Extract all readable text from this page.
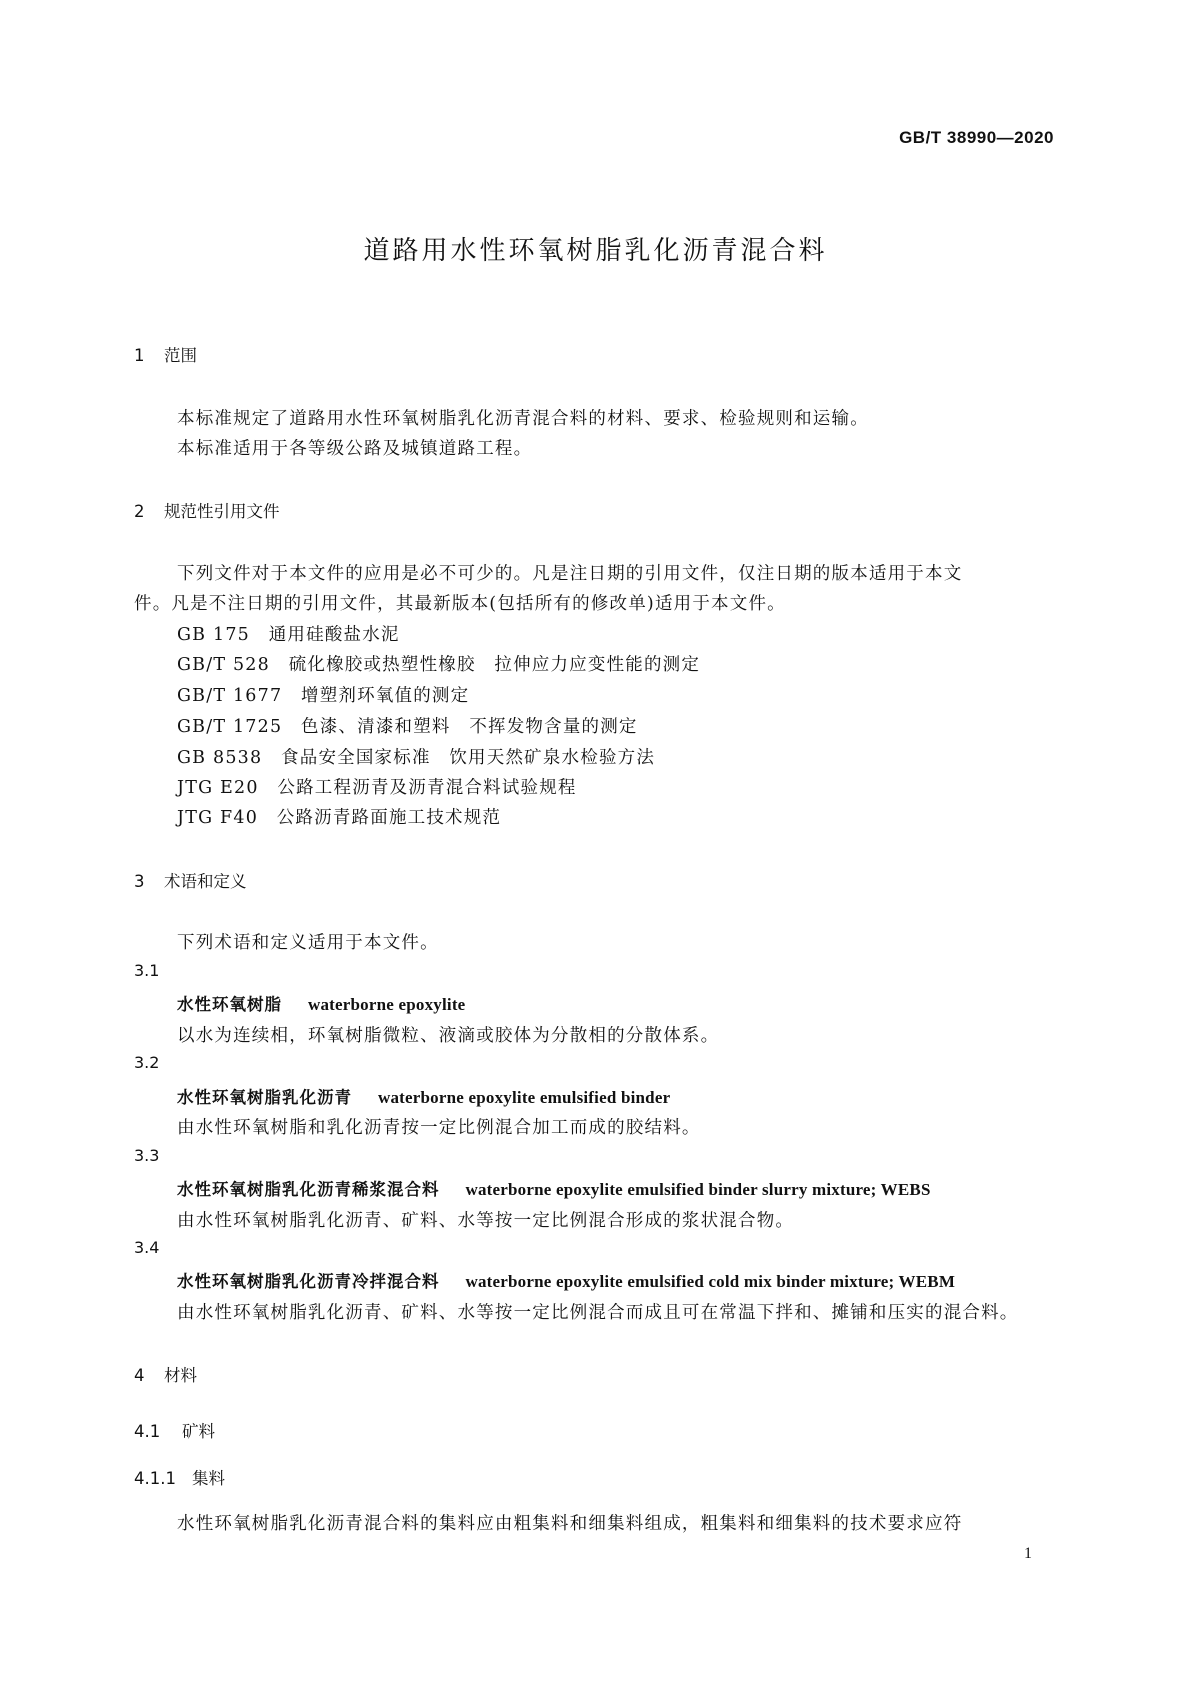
GB/T 38990—2020
道路用水性环氧树脂乳化沥青混合料
1 范围
本标准规定了道路用水性环氧树脂乳化沥青混合料的材料、要求、检验规则和运输。
本标准适用于各等级公路及城镇道路工程。
2 规范性引用文件
下列文件对于本文件的应用是必不可少的。凡是注日期的引用文件，仅注日期的版本适用于本文
件。凡是不注日期的引用文件，其最新版本(包括所有的修改单)适用于本文件。
GB 175　 通用硅酸盐水泥
GB/T 528　 硫化橡胶或热塑性橡胶　拉伸应力应变性能的测定
GB/T 1677　 增塑剂环氧值的测定
GB/T 1725　 色漆、清漆和塑料　不挥发物含量的测定
GB 8538　 食品安全国家标准　饮用天然矿泉水检验方法
JTG E20　 公路工程沥青及沥青混合料试验规程
JTG F40　 公路沥青路面施工技术规范
3 术语和定义
下列术语和定义适用于本文件。
3.1
水性环氧树脂 waterborne epoxylite
以水为连续相，环氧树脂微粒、液滴或胶体为分散相的分散体系。
3.2
水性环氧树脂乳化沥青 waterborne epoxylite emulsified binder
由水性环氧树脂和乳化沥青按一定比例混合加工而成的胶结料。
3.3
水性环氧树脂乳化沥青稀浆混合料 waterborne epoxylite emulsified binder slurry mixture; WEBS
由水性环氧树脂乳化沥青、矿料、水等按一定比例混合形成的浆状混合物。
3.4
水性环氧树脂乳化沥青冷拌混合料 waterborne epoxylite emulsified cold mix binder mixture; WEBM
由水性环氧树脂乳化沥青、矿料、水等按一定比例混合而成且可在常温下拌和、摊铺和压实的混合料。
4 材料
4.1 矿料
4.1.1 集料
水性环氧树脂乳化沥青混合料的集料应由粗集料和细集料组成，粗集料和细集料的技术要求应符
1
